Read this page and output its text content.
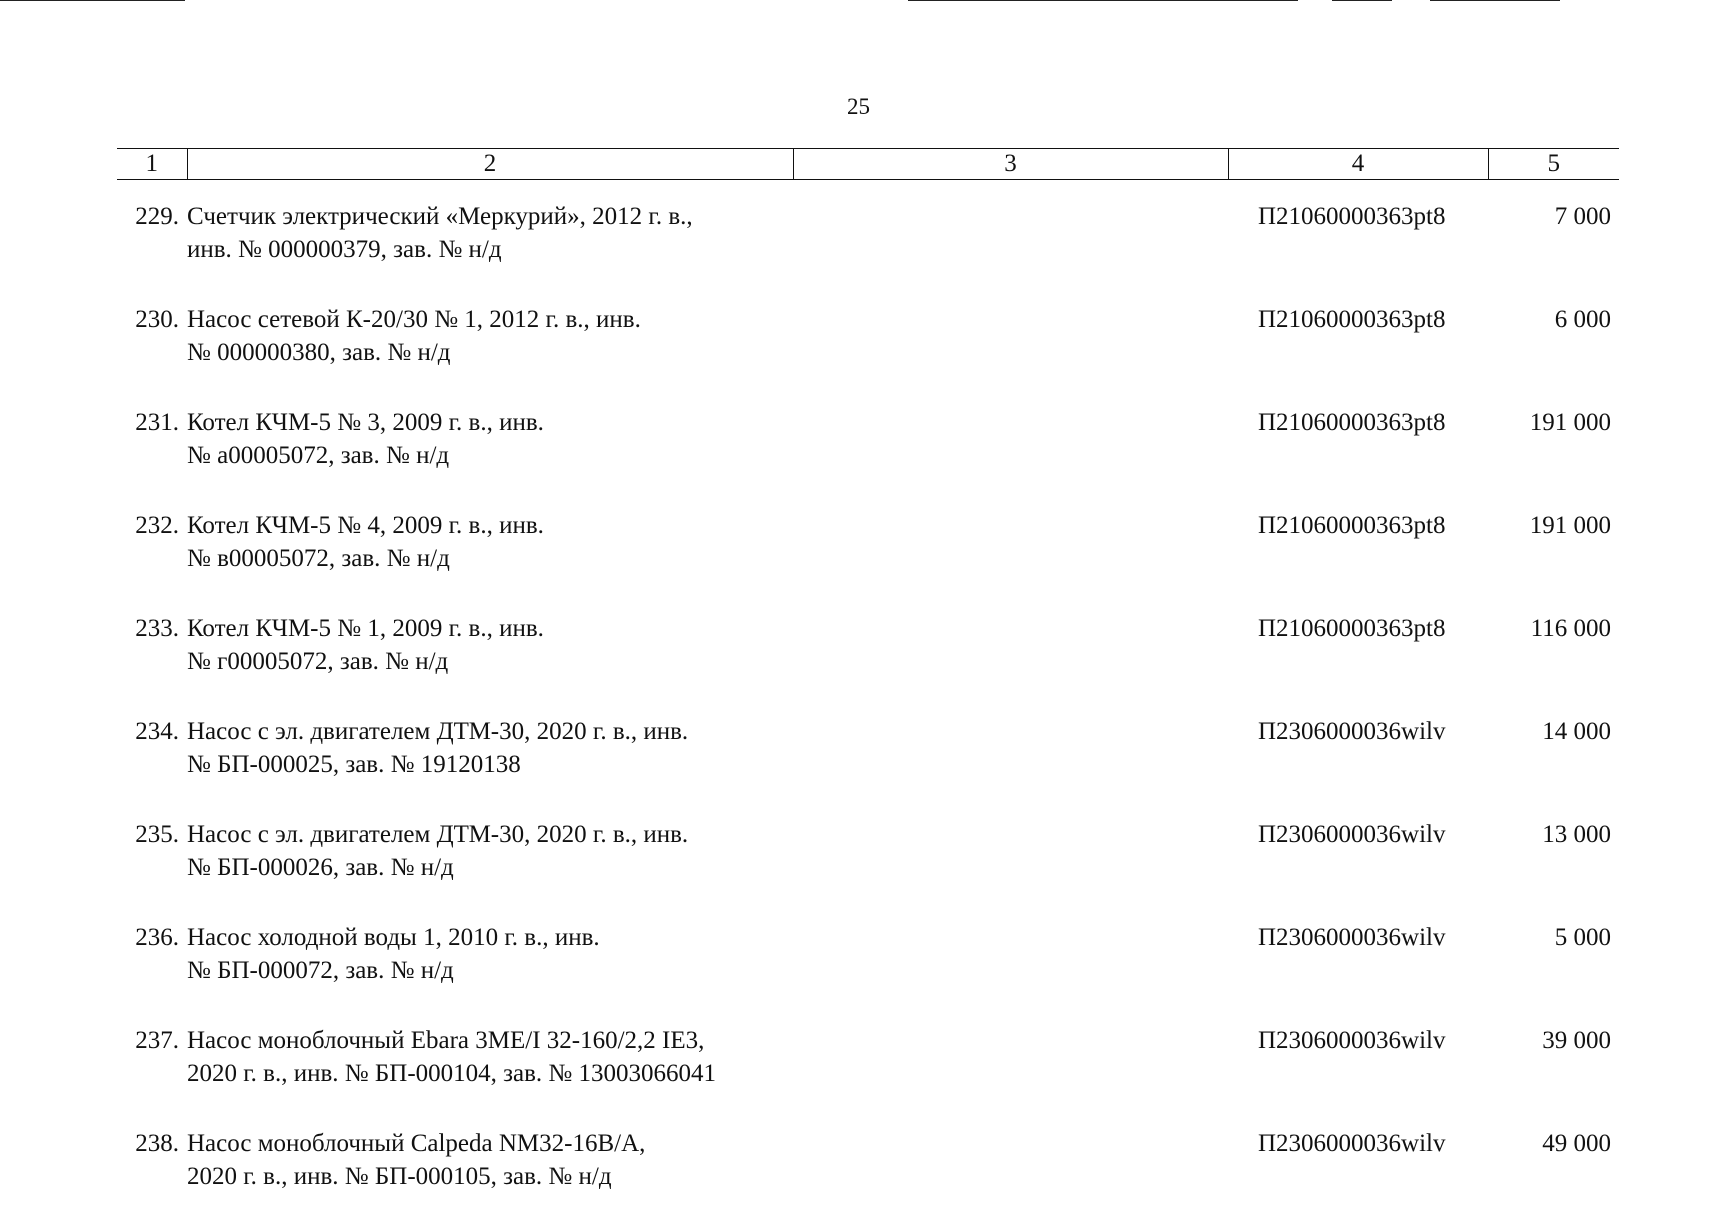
25
1	2	3	4	5
229.	Счетчик электрический «Меркурий», 2012 г. в.,
инв. № 000000379, зав. № н/д		П21060000363pt8	7 000
230.	Насос сетевой К-20/30 № 1, 2012 г. в., инв.
№ 000000380, зав. № н/д		П21060000363pt8	6 000
231.	Котел КЧМ-5 № 3, 2009 г. в., инв.
№ а00005072, зав. № н/д		П21060000363pt8	191 000
232.	Котел КЧМ-5 № 4, 2009 г. в., инв.
№ в00005072, зав. № н/д		П21060000363pt8	191 000
233.	Котел КЧМ-5 № 1, 2009 г. в., инв.
№ г00005072, зав. № н/д		П21060000363pt8	116 000
234.	Насос с эл. двигателем ДТМ-30, 2020 г. в., инв.
№ БП-000025, зав. № 19120138		П2306000036wilv	14 000
235.	Насос с эл. двигателем ДТМ-30, 2020 г. в., инв.
№ БП-000026, зав. № н/д		П2306000036wilv	13 000
236.	Насос холодной воды 1, 2010 г. в., инв.
№ БП-000072, зав. № н/д		П2306000036wilv	5 000
237.	Насос моноблочный Ebara 3ME/I 32-160/2,2 IE3,
2020 г. в., инв. № БП-000104, зав. № 13003066041		П2306000036wilv	39 000
238.	Насос моноблочный Calpeda NM32-16B/A,
2020 г. в., инв. № БП-000105, зав. № н/д		П2306000036wilv	49 000
